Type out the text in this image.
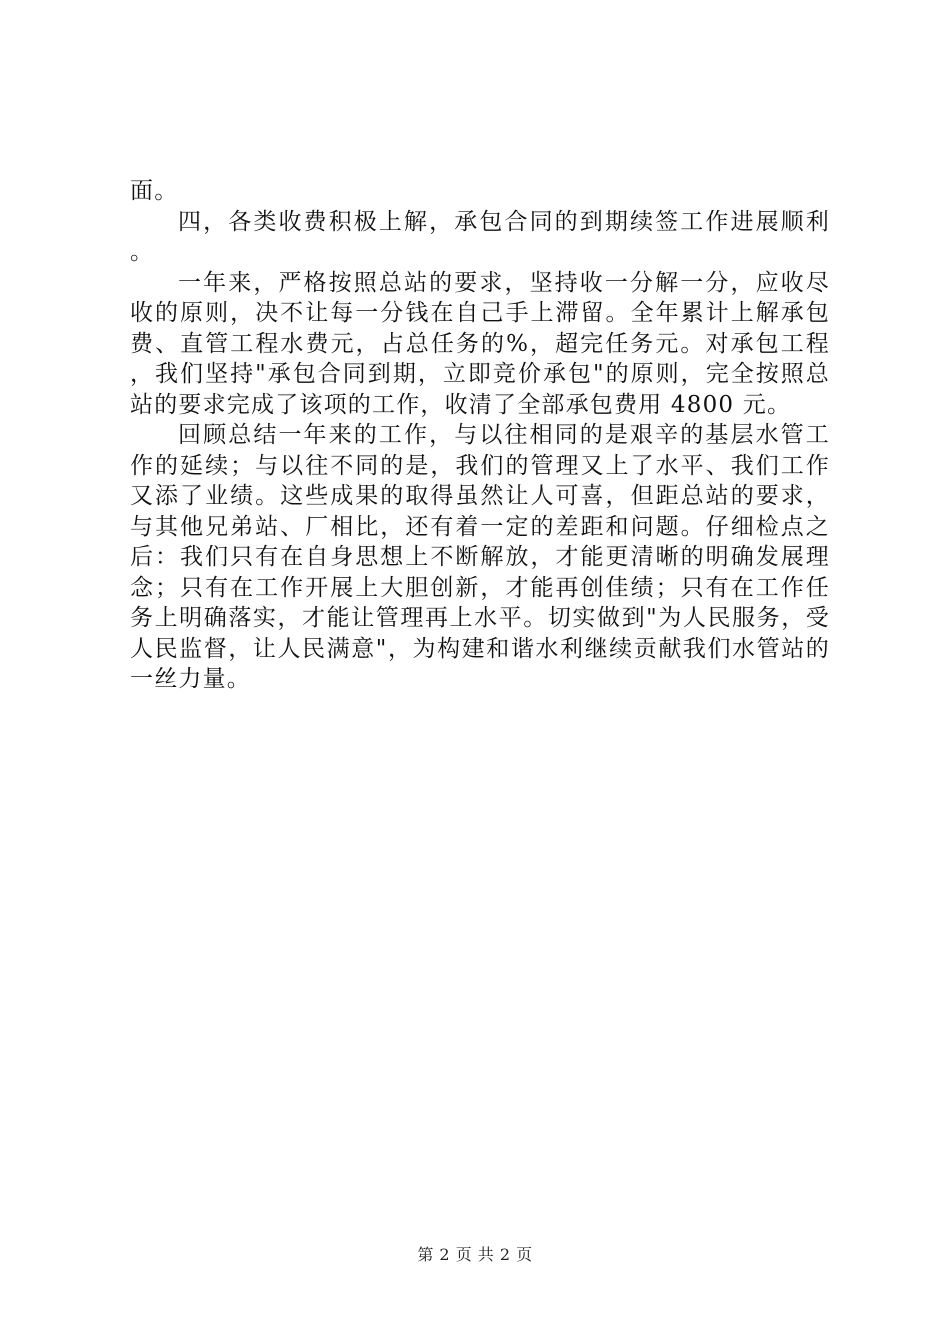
面。

四，各类收费积极上解，承包合同的到期续签工作进展顺利。

一年来，严格按照总站的要求，坚持收一分解一分，应收尽收的原则，决不让每一分钱在自己手上滞留。全年累计上解承包费、直管工程水费元，占总任务的%，超完任务元。对承包工程，我们坚持"承包合同到期，立即竞价承包"的原则，完全按照总站的要求完成了该项的工作，收清了全部承包费用 4800 元。

回顾总结一年来的工作，与以往相同的是艰辛的基层水管工作的延续；与以往不同的是，我们的管理又上了水平、我们工作又添了业绩。这些成果的取得虽然让人可喜，但距总站的要求，与其他兄弟站、厂相比，还有着一定的差距和问题。仔细检点之后：我们只有在自身思想上不断解放，才能更清晰的明确发展理念；只有在工作开展上大胆创新，才能再创佳绩；只有在工作任务上明确落实，才能让管理再上水平。切实做到"为人民服务，受人民监督，让人民满意"，为构建和谐水利继续贡献我们水管站的一丝力量。

第 2 页 共 2 页
